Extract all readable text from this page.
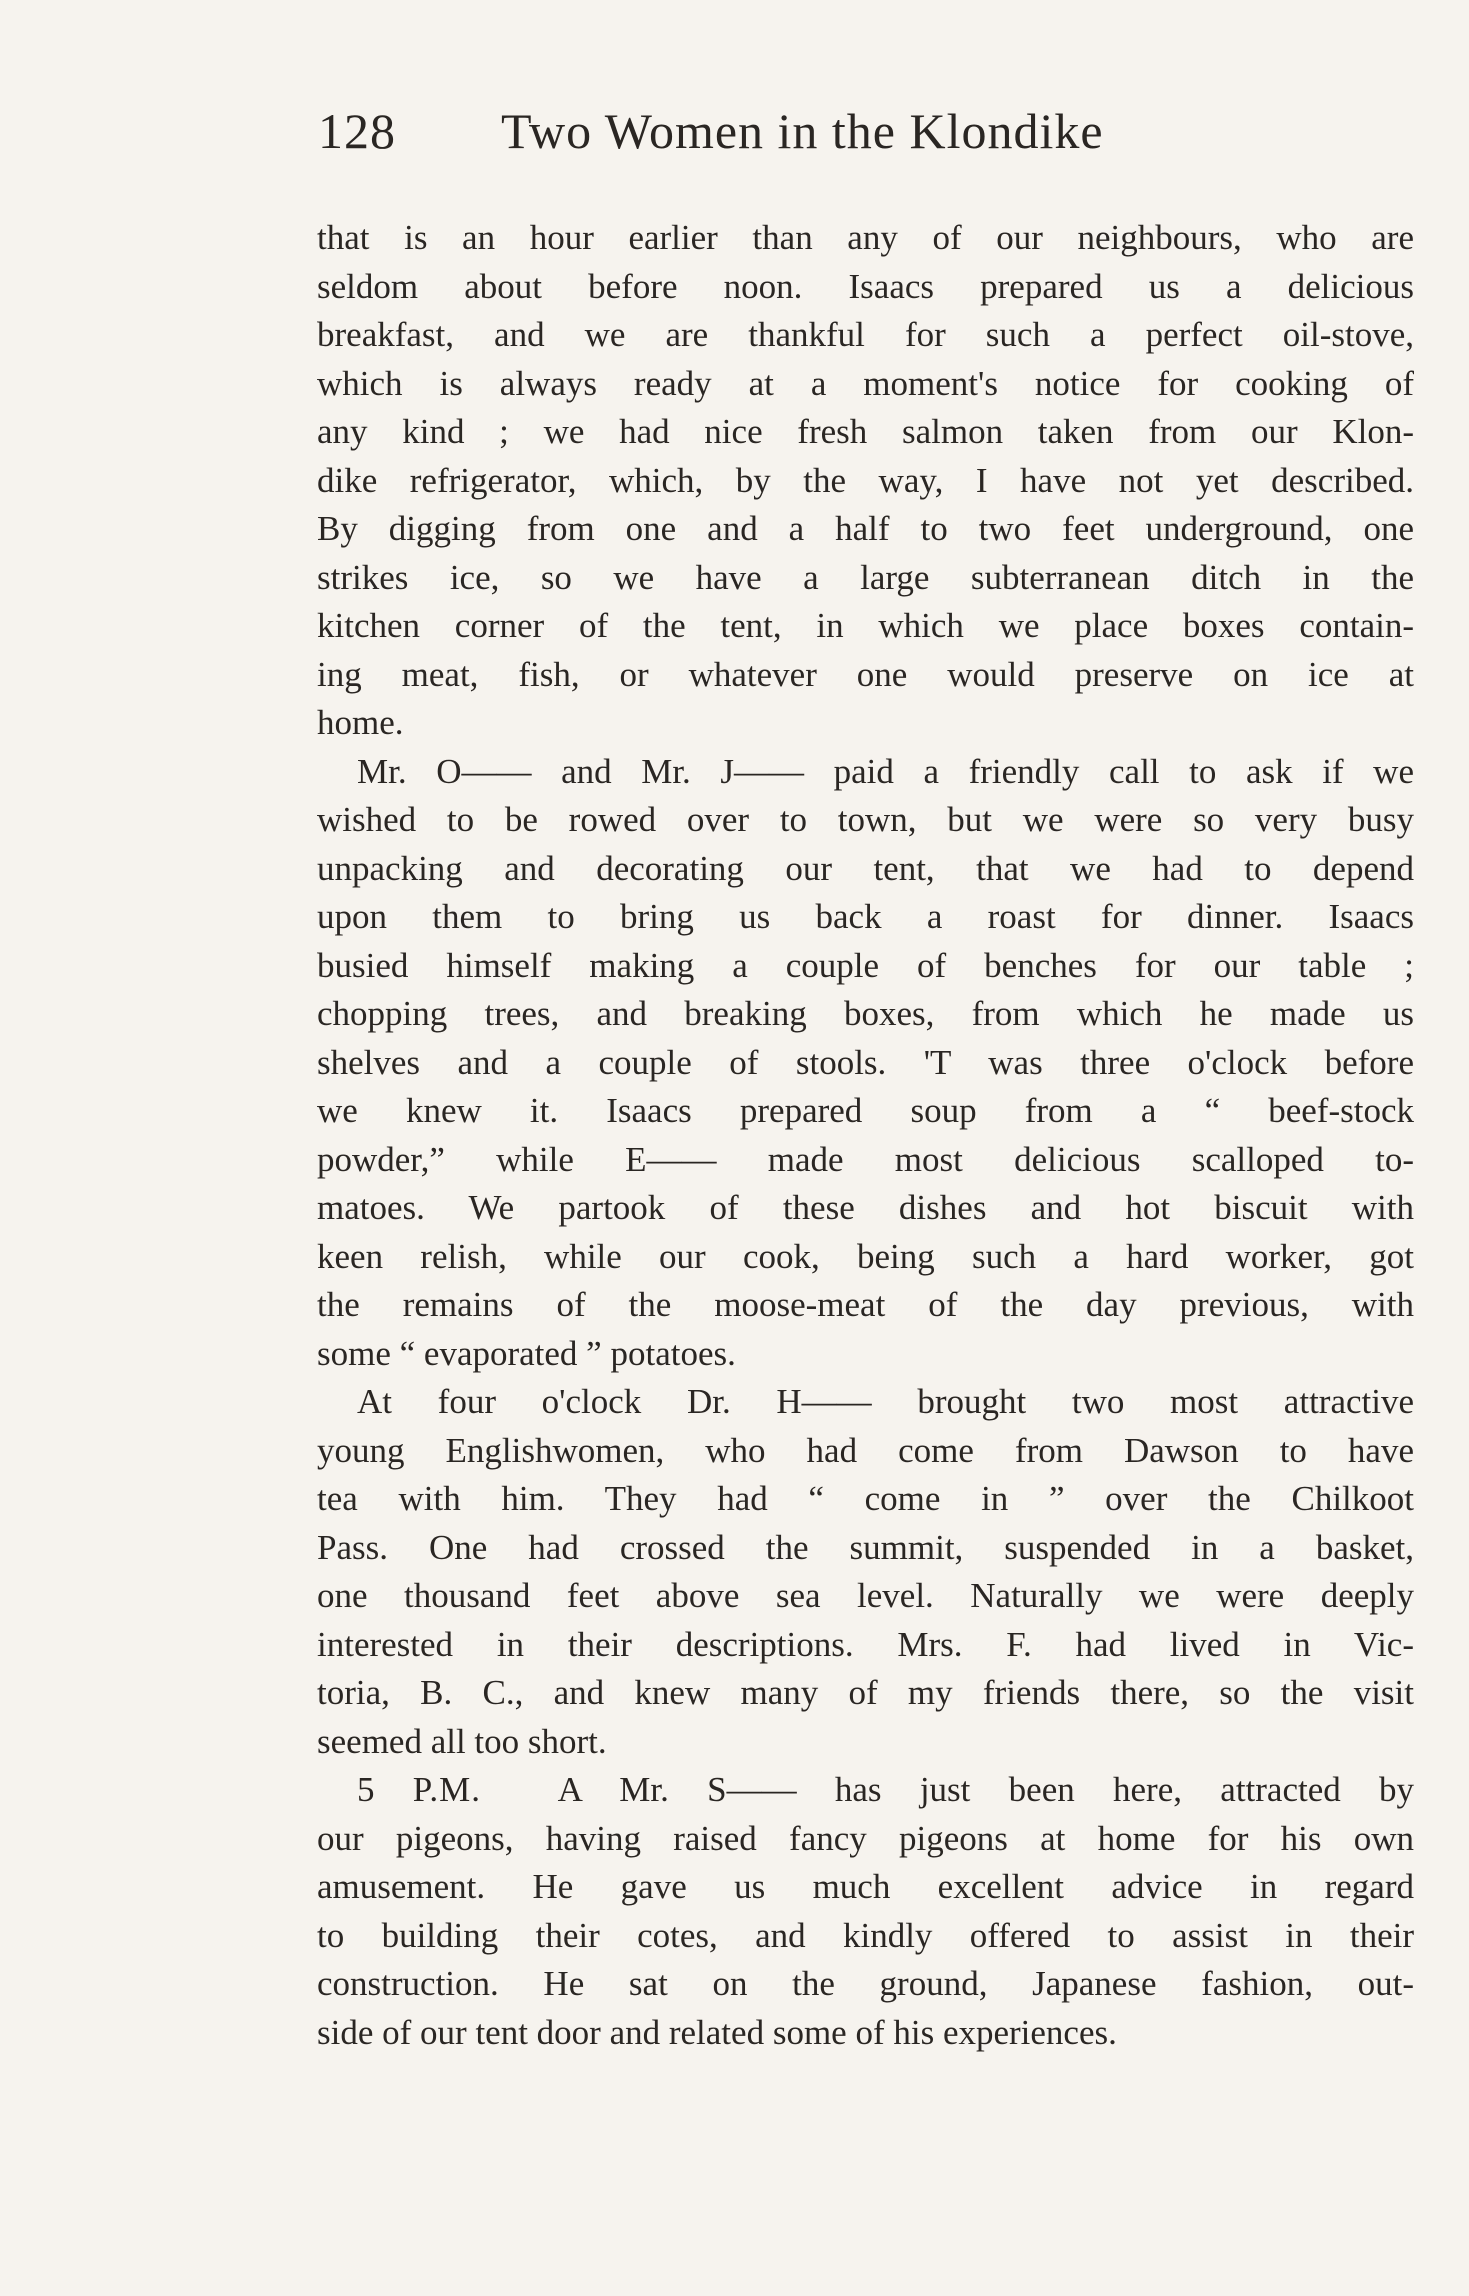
128 Two Women in the Klondike
that is an hour earlier than any of our neighbours, who are
seldom about before noon. Isaacs prepared us a delicious
breakfast, and we are thankful for such a perfect oil-stove,
which is always ready at a moment's notice for cooking of
any kind ; we had nice fresh salmon taken from our Klon-
dike refrigerator, which, by the way, I have not yet described.
By digging from one and a half to two feet underground, one
strikes ice, so we have a large subterranean ditch in the
kitchen corner of the tent, in which we place boxes contain-
ing meat, fish, or whatever one would preserve on ice at
home.
Mr. O—— and Mr. J—— paid a friendly call to ask if we
wished to be rowed over to town, but we were so very busy
unpacking and decorating our tent, that we had to depend
upon them to bring us back a roast for dinner. Isaacs
busied himself making a couple of benches for our table ;
chopping trees, and breaking boxes, from which he made us
shelves and a couple of stools. 'T was three o'clock before
we knew it. Isaacs prepared soup from a “ beef-stock
powder,” while E—— made most delicious scalloped to-
matoes. We partook of these dishes and hot biscuit with
keen relish, while our cook, being such a hard worker, got
the remains of the moose-meat of the day previous, with
some “ evaporated ” potatoes.
At four o'clock Dr. H—— brought two most attractive
young Englishwomen, who had come from Dawson to have
tea with him. They had “ come in ” over the Chilkoot
Pass. One had crossed the summit, suspended in a basket,
one thousand feet above sea level. Naturally we were deeply
interested in their descriptions. Mrs. F. had lived in Vic-
toria, B. C., and knew many of my friends there, so the visit
seemed all too short.
5 P.M. A Mr. S—— has just been here, attracted by
our pigeons, having raised fancy pigeons at home for his own
amusement. He gave us much excellent advice in regard
to building their cotes, and kindly offered to assist in their
construction. He sat on the ground, Japanese fashion, out-
side of our tent door and related some of his experiences.
